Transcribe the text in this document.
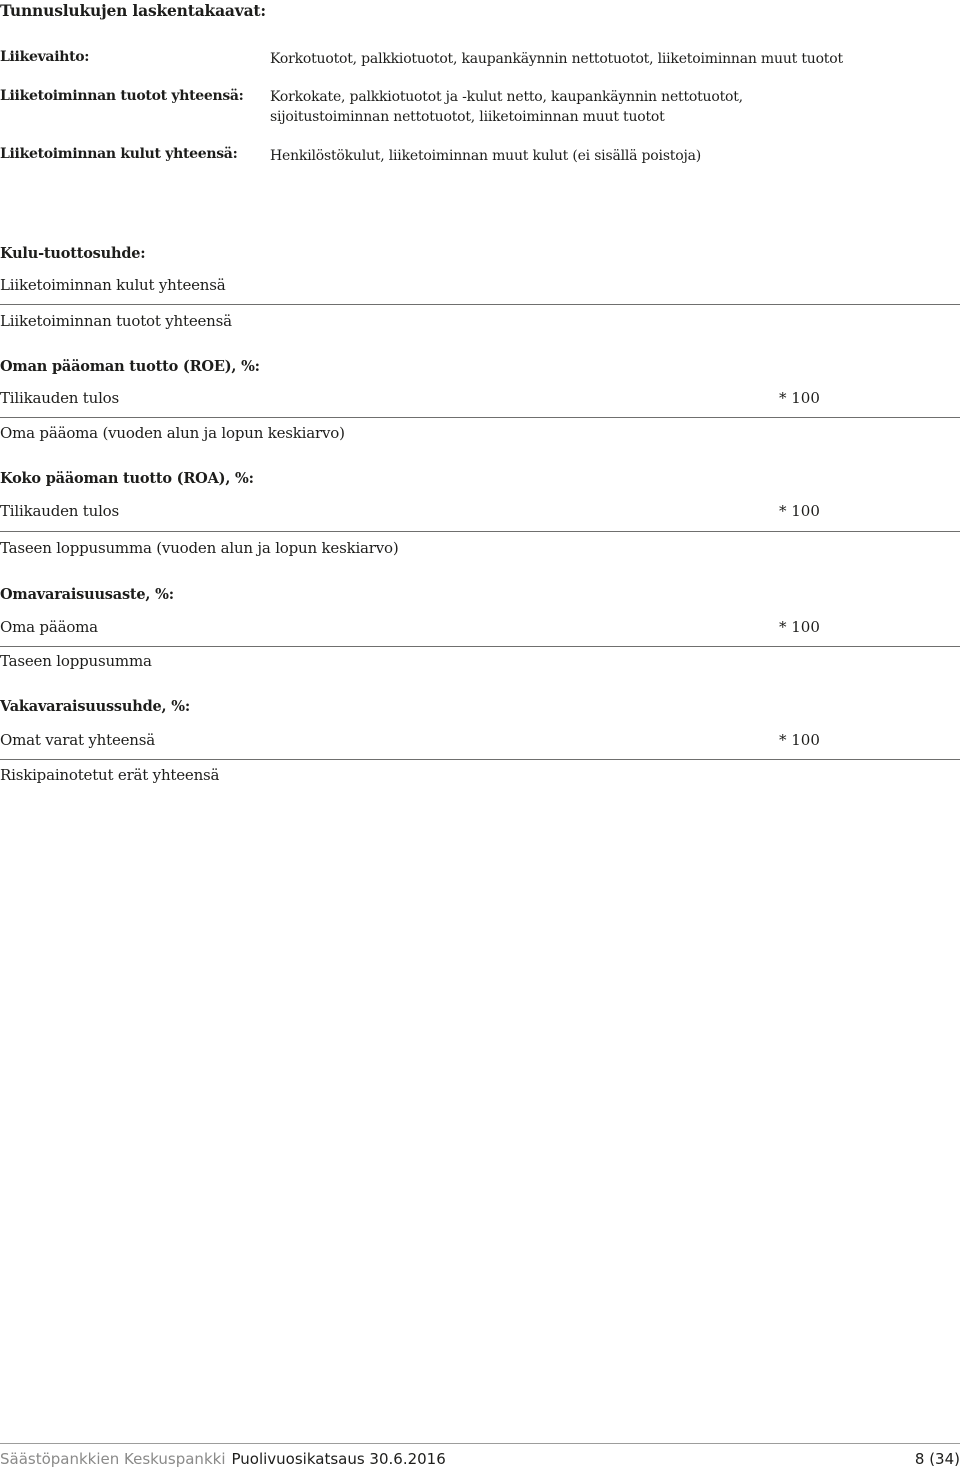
Tunnuslukujen laskentakaavat:
Liikevaihto:	Korkotuotot, palkkiotuotot, kaupankäynnin nettotuotot, liiketoiminnan muut tuotot
Liiketoiminnan tuotot yhteensä: Korkokate, palkkiotuotot ja -kulut netto, kaupankäynnin nettotuotot,
sijoitustoiminnan nettotuotot, liiketoiminnan muut tuotot
Liiketoiminnan kulut yhteensä: Henkilöstökulut, liiketoiminnan muut kulut (ei sisällä poistoja)
Kulu-tuottosuhde:
Liiketoiminnan kulut yhteensä
Liiketoiminnan tuotot yhteensä
Oman pääoman tuotto (ROE), %:
Tilikauden tulos	* 100
Oma pääoma (vuoden alun ja lopun keskiarvo)
Koko pääoman tuotto (ROA), %:
Tilikauden tulos	* 100
Taseen loppusumma (vuoden alun ja lopun keskiarvo)
Omavaraisuusaste, %:
Oma pääoma	* 100
Taseen loppusumma
Vakavaraisuussuhde, %:
Omat varat yhteensä	* 100
Riskipainotetut erät yhteensä
Säästöpankkien Keskuspankki Puolivuosikatsaus 30.6.2016	8 (34)
